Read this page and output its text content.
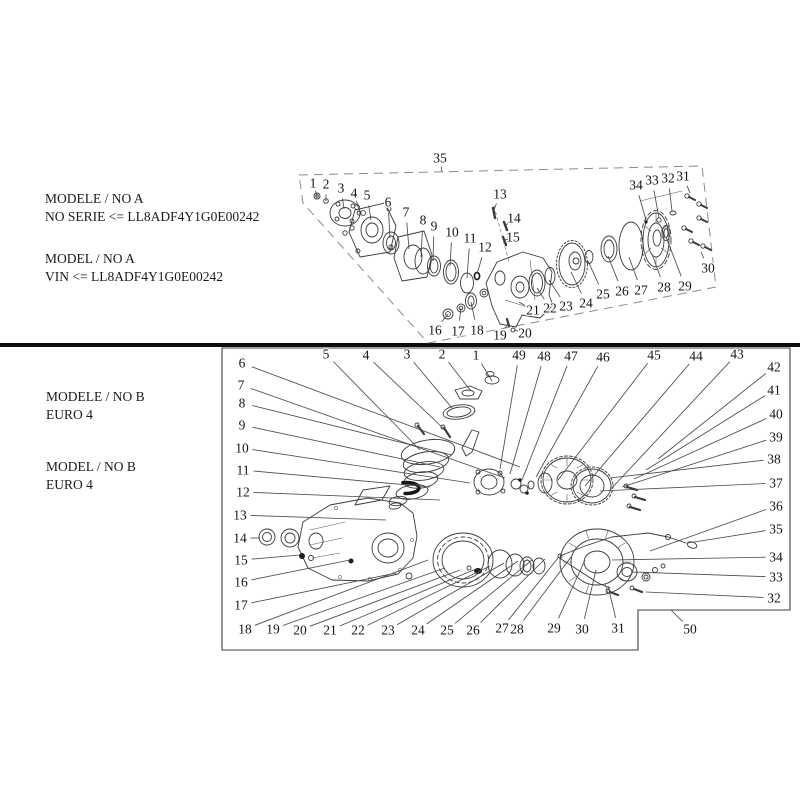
MODELE / NO A
NO SERIE <= LL8ADF4Y1G0E00242
MODEL / NO A
VIN <= LL8ADF4Y1G0E00242
MODELE / NO B
EURO 4
MODEL / NO B
EURO 4
1 2 3 4 5 6
7
8 9 10 11
12
13
14
15
16 17 18 19 20
21 22 23 24
25 26 27 28 29
30
31
32
33
34
35
1
2
3
4
5
6
7
8
9
10
11
12
13
14
15
16
17
18 19 20 21 22 23 24 25 26 27 28 29 30 31
32
33
34
35
36
37
38
39
40
41
42
43
44
45
46
47
48
49
50
